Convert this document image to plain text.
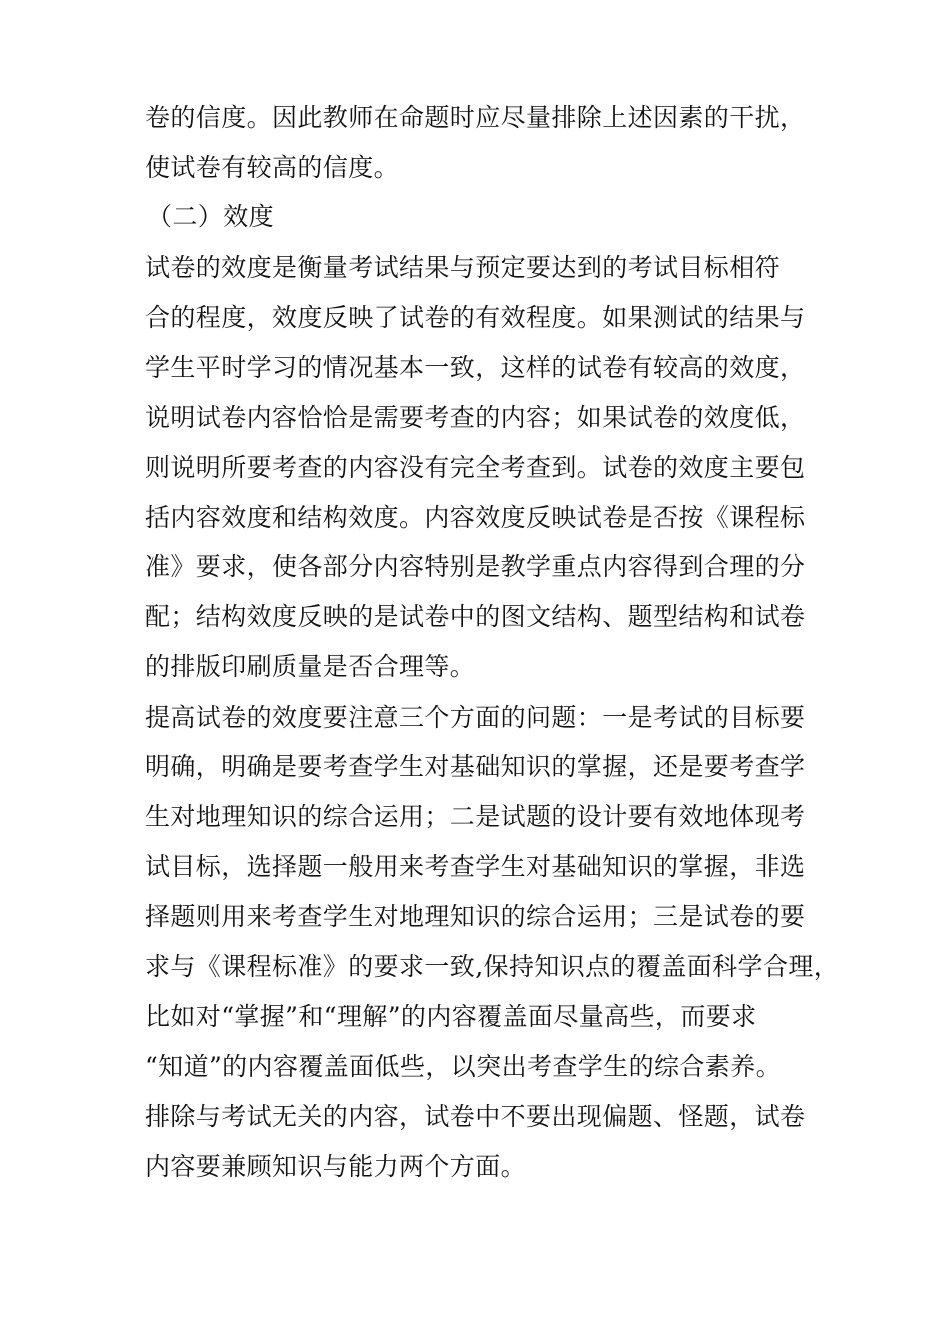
卷的信度。因此教师在命题时应尽量排除上述因素的干扰，

使试卷有较高的信度。

（二）效度

试卷的效度是衡量考试结果与预定要达到的考试目标相符

合的程度，效度反映了试卷的有效程度。如果测试的结果与

学生平时学习的情况基本一致，这样的试卷有较高的效度，

说明试卷内容恰恰是需要考查的内容；如果试卷的效度低，

则说明所要考查的内容没有完全考查到。试卷的效度主要包

括内容效度和结构效度。内容效度反映试卷是否按《课程标

准》要求，使各部分内容特别是教学重点内容得到合理的分

配；结构效度反映的是试卷中的图文结构、题型结构和试卷

的排版印刷质量是否合理等。

提高试卷的效度要注意三个方面的问题：一是考试的目标要

明确，明确是要考查学生对基础知识的掌握，还是要考查学

生对地理知识的综合运用；二是试题的设计要有效地体现考

试目标，选择题一般用来考查学生对基础知识的掌握，非选

择题则用来考查学生对地理知识的综合运用；三是试卷的要

求与《课程标准》的要求一致,保持知识点的覆盖面科学合理，

比如对“掌握”和“理解”的内容覆盖面尽量高些，而要求

“知道”的内容覆盖面低些，以突出考查学生的综合素养。

排除与考试无关的内容，试卷中不要出现偏题、怪题，试卷

内容要兼顾知识与能力两个方面。
